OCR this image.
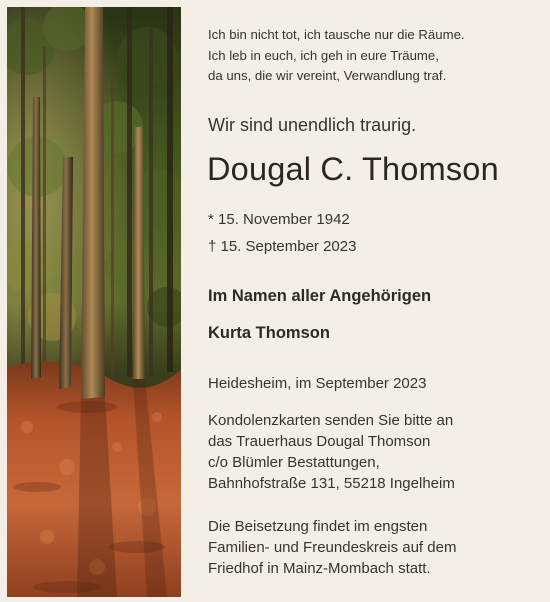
Ich bin nicht tot, ich tausche nur die Räume.
Ich leb in euch, ich geh in eure Träume,
da uns, die wir vereint, Verwandlung traf.
Wir sind unendlich traurig.
Dougal C. Thomson
* 15. November 1942
† 15. September 2023
Im Namen aller Angehörigen
Kurta Thomson
Heidesheim, im September 2023
Kondolenzkarten senden Sie bitte an
das Trauerhaus Dougal Thomson
c/o Blümler Bestattungen,
Bahnhofstraße 131, 55218 Ingelheim
Die Beisetzung findet im engsten
Familien- und Freundeskreis auf dem
Friedhof in Mainz-Mombach statt.
